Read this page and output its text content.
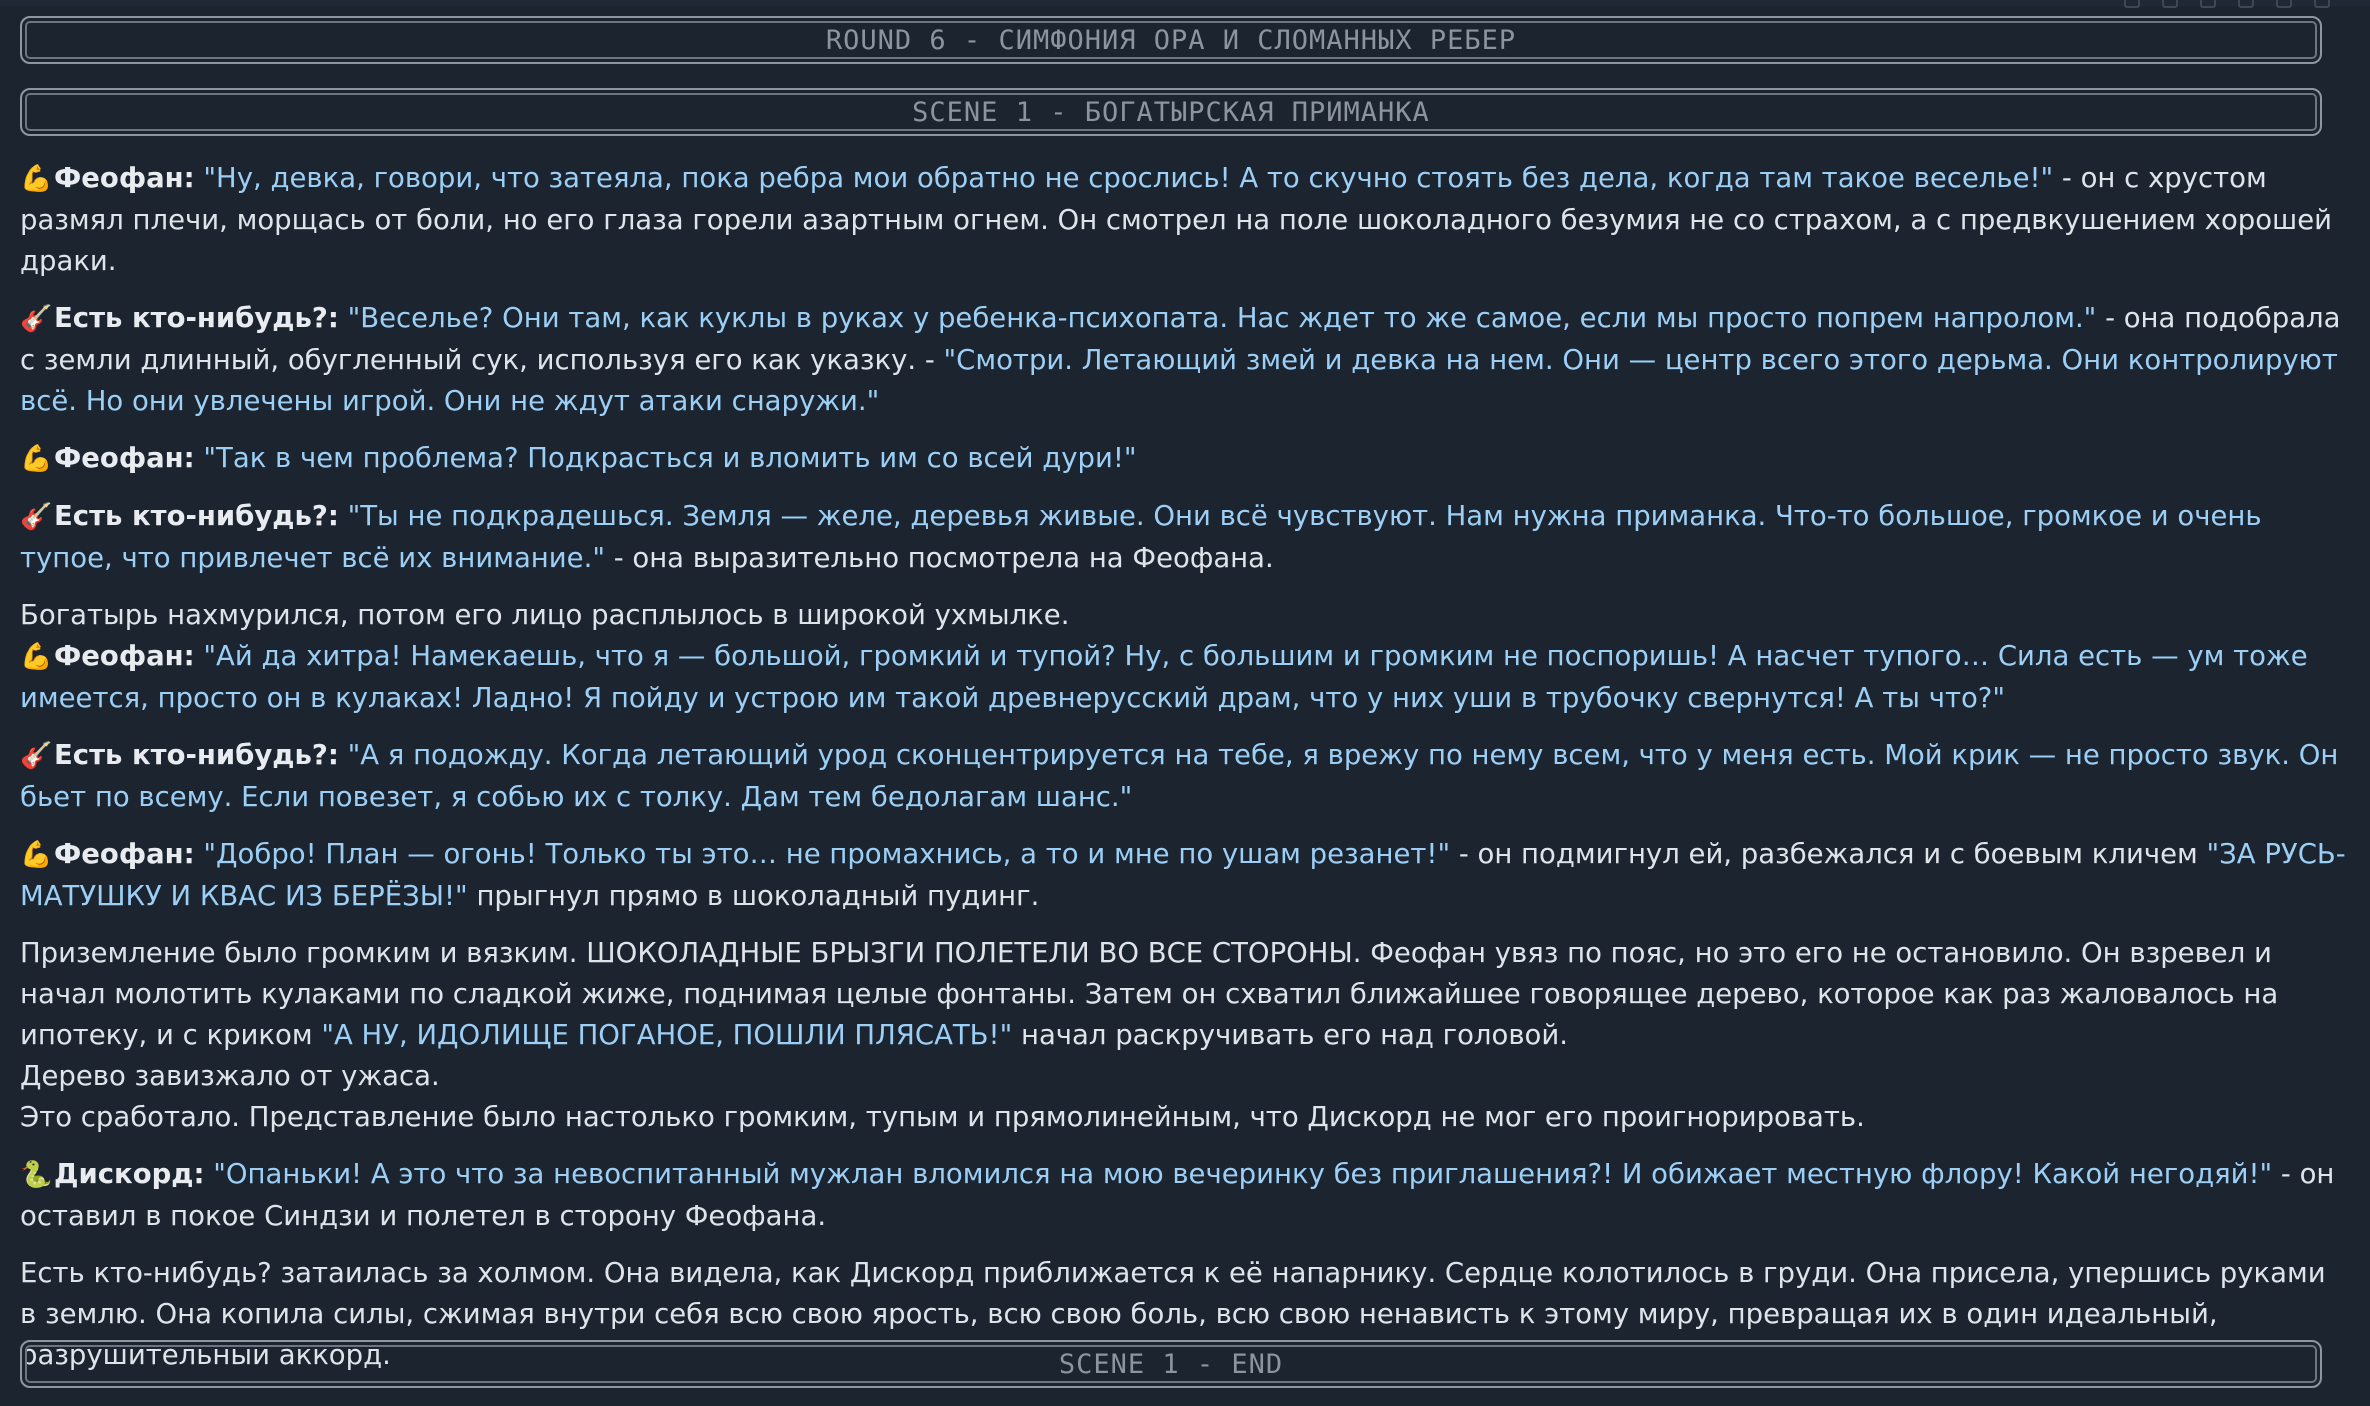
ROUND 6 - СИМФОНИЯ ОРА И СЛОМАННЫХ РЕБЕР
SCENE 1 - БОГАТЫРСКАЯ ПРИМАНКА

💪Феофан: "Ну, девка, говори, что затеяла, пока ребра мои обратно не срослись! А то скучно стоять без дела, когда там такое веселье!" - он с хрустом размял плечи, морщась от боли, но его глаза горели азартным огнем. Он смотрел на поле шоколадного безумия не со страхом, а с предвкушением хорошей драки.

🎸Есть кто-нибудь?: "Веселье? Они там, как куклы в руках у ребенка-психопата. Нас ждет то же самое, если мы просто попрем напролом." - она подобрала с земли длинный, обугленный сук, используя его как указку. - "Смотри. Летающий змей и девка на нем. Они — центр всего этого дерьма. Они контролируют всё. Но они увлечены игрой. Они не ждут атаки снаружи."

💪Феофан: "Так в чем проблема? Подкрасться и вломить им со всей дури!"

🎸Есть кто-нибудь?: "Ты не подкрадешься. Земля — желе, деревья живые. Они всё чувствуют. Нам нужна приманка. Что-то большое, громкое и очень тупое, что привлечет всё их внимание." - она выразительно посмотрела на Феофана.

Богатырь нахмурился, потом его лицо расплылось в широкой ухмылке.
💪Феофан: "Ай да хитра! Намекаешь, что я — большой, громкий и тупой? Ну, с большим и громким не поспоришь! А насчет тупого… Сила есть — ум тоже имеется, просто он в кулаках! Ладно! Я пойду и устрою им такой древнерусский драм, что у них уши в трубочку свернутся! А ты что?"

🎸Есть кто-нибудь?: "А я подожду. Когда летающий урод сконцентрируется на тебе, я врежу по нему всем, что у меня есть. Мой крик — не просто звук. Он бьет по всему. Если повезет, я собью их с толку. Дам тем бедолагам шанс."

💪Феофан: "Добро! План — огонь! Только ты это… не промахнись, а то и мне по ушам резанет!" - он подмигнул ей, разбежался и с боевым кличем "ЗА РУСЬ-МАТУШКУ И КВАС ИЗ БЕРЁЗЫ!" прыгнул прямо в шоколадный пудинг.

Приземление было громким и вязким. ШОКОЛАДНЫЕ БРЫЗГИ ПОЛЕТЕЛИ ВО ВСЕ СТОРОНЫ. Феофан увяз по пояс, но это его не остановило. Он взревел и начал молотить кулаками по сладкой жиже, поднимая целые фонтаны. Затем он схватил ближайшее говорящее дерево, которое как раз жаловалось на ипотеку, и с криком "А НУ, ИДОЛИЩЕ ПОГАНОЕ, ПОШЛИ ПЛЯСАТЬ!" начал раскручивать его над головой.
Дерево завизжало от ужаса.
Это сработало. Представление было настолько громким, тупым и прямолинейным, что Дискорд не мог его проигнорировать.

🐍Дискорд: "Опаньки! А это что за невоспитанный мужлан вломился на мою вечеринку без приглашения?! И обижает местную флору! Какой негодяй!" - он оставил в покое Синдзи и полетел в сторону Феофана.

Есть кто-нибудь? затаилась за холмом. Она видела, как Дискорд приближается к её напарнику. Сердце колотилось в груди. Она присела, упершись руками в землю. Она копила силы, сжимая внутри себя всю свою ярость, всю свою боль, всю свою ненависть к этому миру, превращая их в один идеальный, разрушительный аккорд.	SCENE 1 - END
